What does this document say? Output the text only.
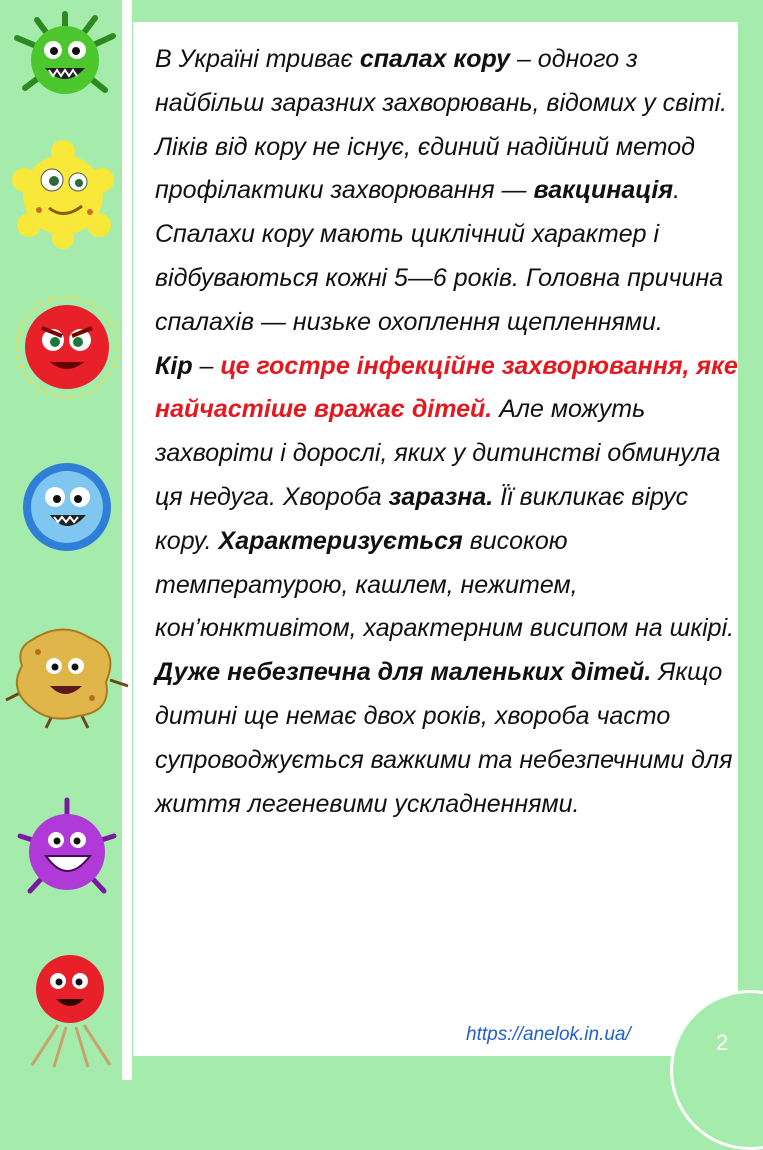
В Україні триває спалах кору – одного з найбільш заразних захворювань, відомих у світі. Ліків від кору не існує, єдиний надійний метод профілактики захворювання — вакцинація. Спалахи кору мають циклічний характер і відбуваються кожні 5—6 років. Головна причина спалахів — низьке охоплення щепленнями.
Кір – це гостре інфекційне захворювання, яке найчастіше вражає дітей. Але можуть захворіти і дорослі, яких у дитинстві обминула ця недуга. Хвороба заразна. Її викликає вірус кору. Характеризується високою температурою, кашлем, нежитем, кон’юнктивітом, характерним висипом на шкірі. Дуже небезпечна для маленьких дітей. Якщо дитині ще немає двох років, хвороба часто супроводжується важкими та небезпечними для життя легеневими ускладненнями.
https://anelok.in.ua/	2
